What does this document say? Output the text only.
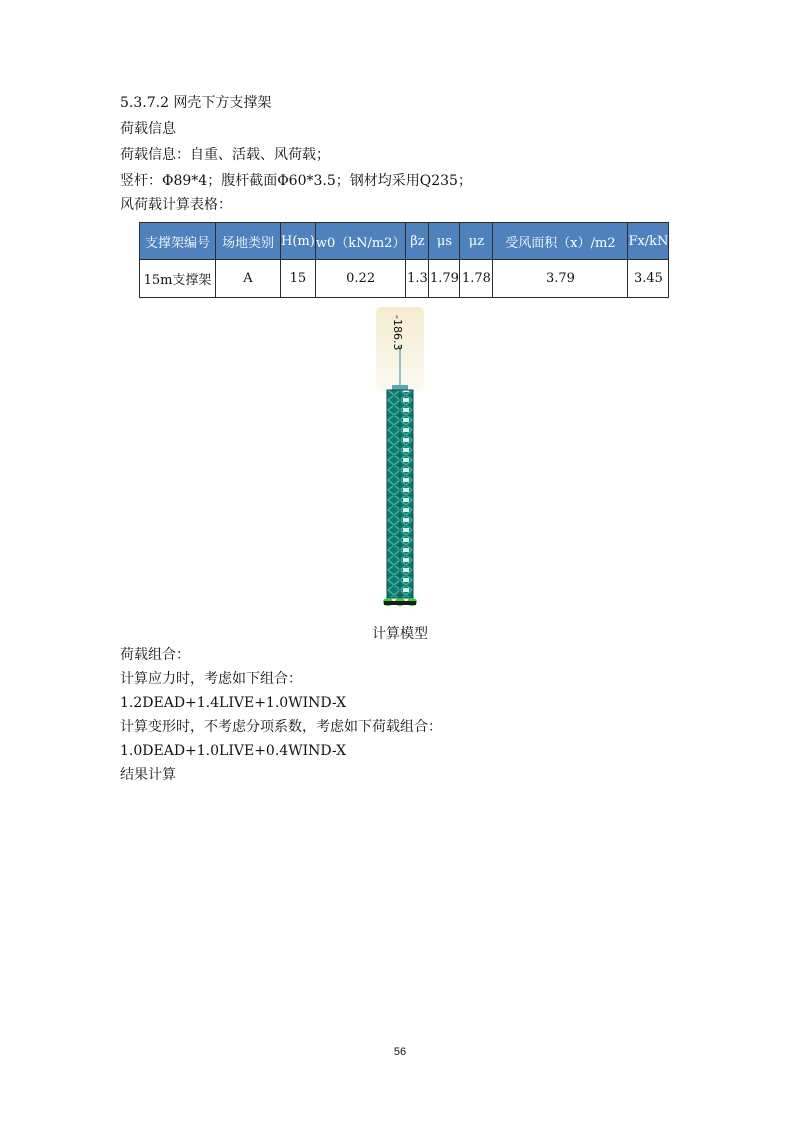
5.3.7.2 网壳下方支撑架
荷载信息
荷载信息：自重、活载、风荷载；
竖杆：Φ89*4；腹杆截面Φ60*3.5；钢材均采用Q235；
风荷载计算表格：
支撑架编号	场地类别	H(m)	w0（kN/m2）	βz	μs	μz	受风面积（x）/m2	Fx/kN
15m支撑架	A	15	0.22	1.3	1.79	1.78	3.79	3.45
-186.3
计算模型
荷载组合：
计算应力时，考虑如下组合：
1.2DEAD+1.4LIVE+1.0WIND-X
计算变形时，不考虑分项系数，考虑如下荷载组合：
1.0DEAD+1.0LIVE+0.4WIND-X
结果计算
56
